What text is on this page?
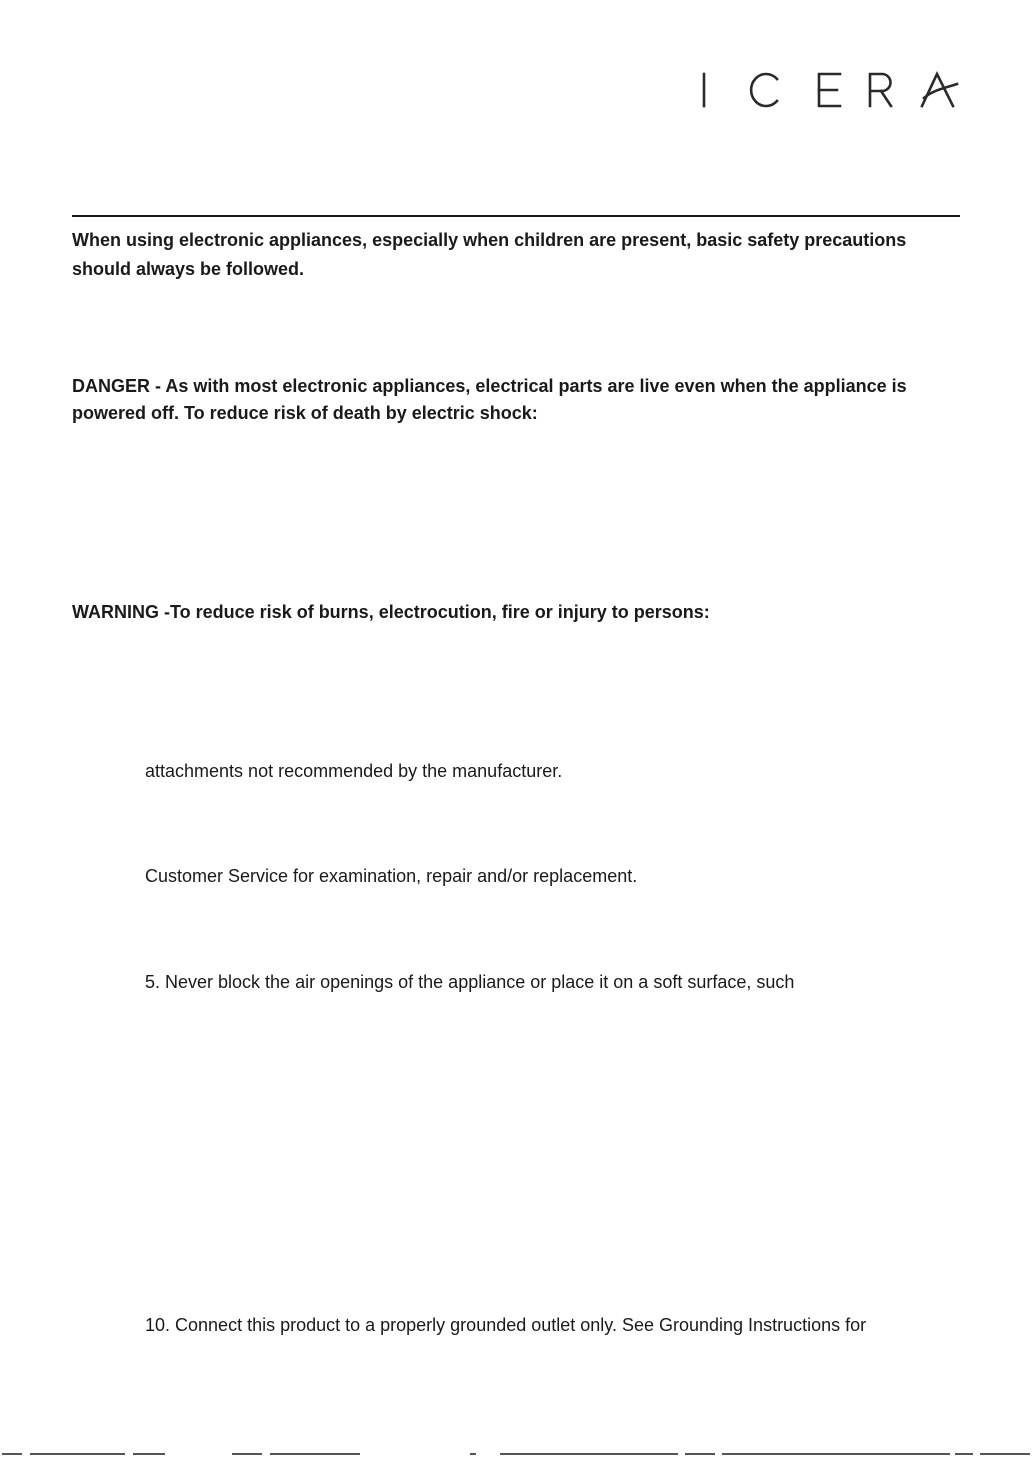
When using electronic appliances, especially when children are present, basic safety precautions

should always be followed.

DANGER - As with most electronic appliances, electrical parts are live even when the appliance is

powered off. To reduce risk of death by electric shock:

WARNING -To reduce risk of burns, electrocution, fire or injury to persons:

attachments not recommended by the manufacturer.

Customer Service for examination, repair and/or replacement.

5. Never block the air openings of the appliance or place it on a soft surface, such

10. Connect this product to a properly grounded outlet only. See Grounding Instructions for
